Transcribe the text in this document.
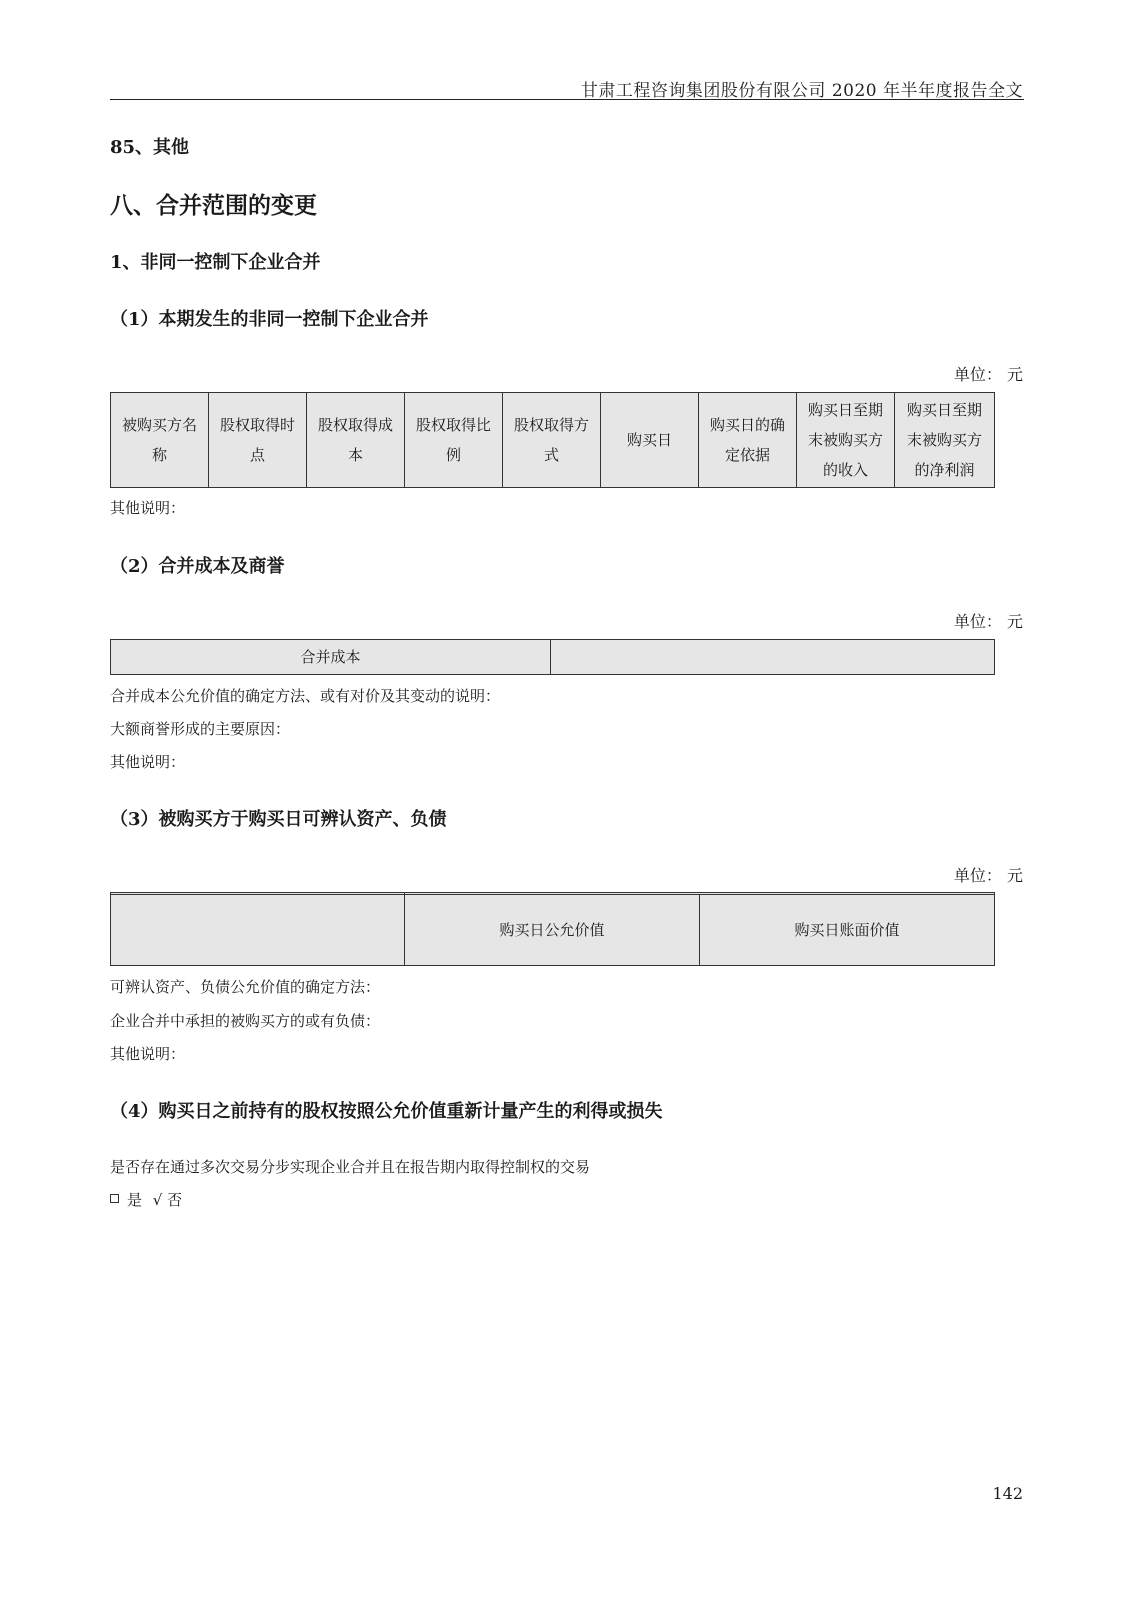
甘肃工程咨询集团股份有限公司 2020 年半年度报告全文
85、其他
八、合并范围的变更
1、非同一控制下企业合并
（1）本期发生的非同一控制下企业合并
单位： 元
被购买方名称	股权取得时点	股权取得成本	股权取得比例	股权取得方式	购买日	购买日的确定依据	购买日至期末被购买方的收入	购买日至期末被购买方的净利润
其他说明：
（2）合并成本及商誉
单位： 元
合并成本	
合并成本公允价值的确定方法、或有对价及其变动的说明：
大额商誉形成的主要原因：
其他说明：
（3）被购买方于购买日可辨认资产、负债
单位： 元

	购买日公允价值	购买日账面价值
可辨认资产、负债公允价值的确定方法：
企业合并中承担的被购买方的或有负债：
其他说明：
（4）购买日之前持有的股权按照公允价值重新计量产生的利得或损失
是否存在通过多次交易分步实现企业合并且在报告期内取得控制权的交易
是 √ 否
142
